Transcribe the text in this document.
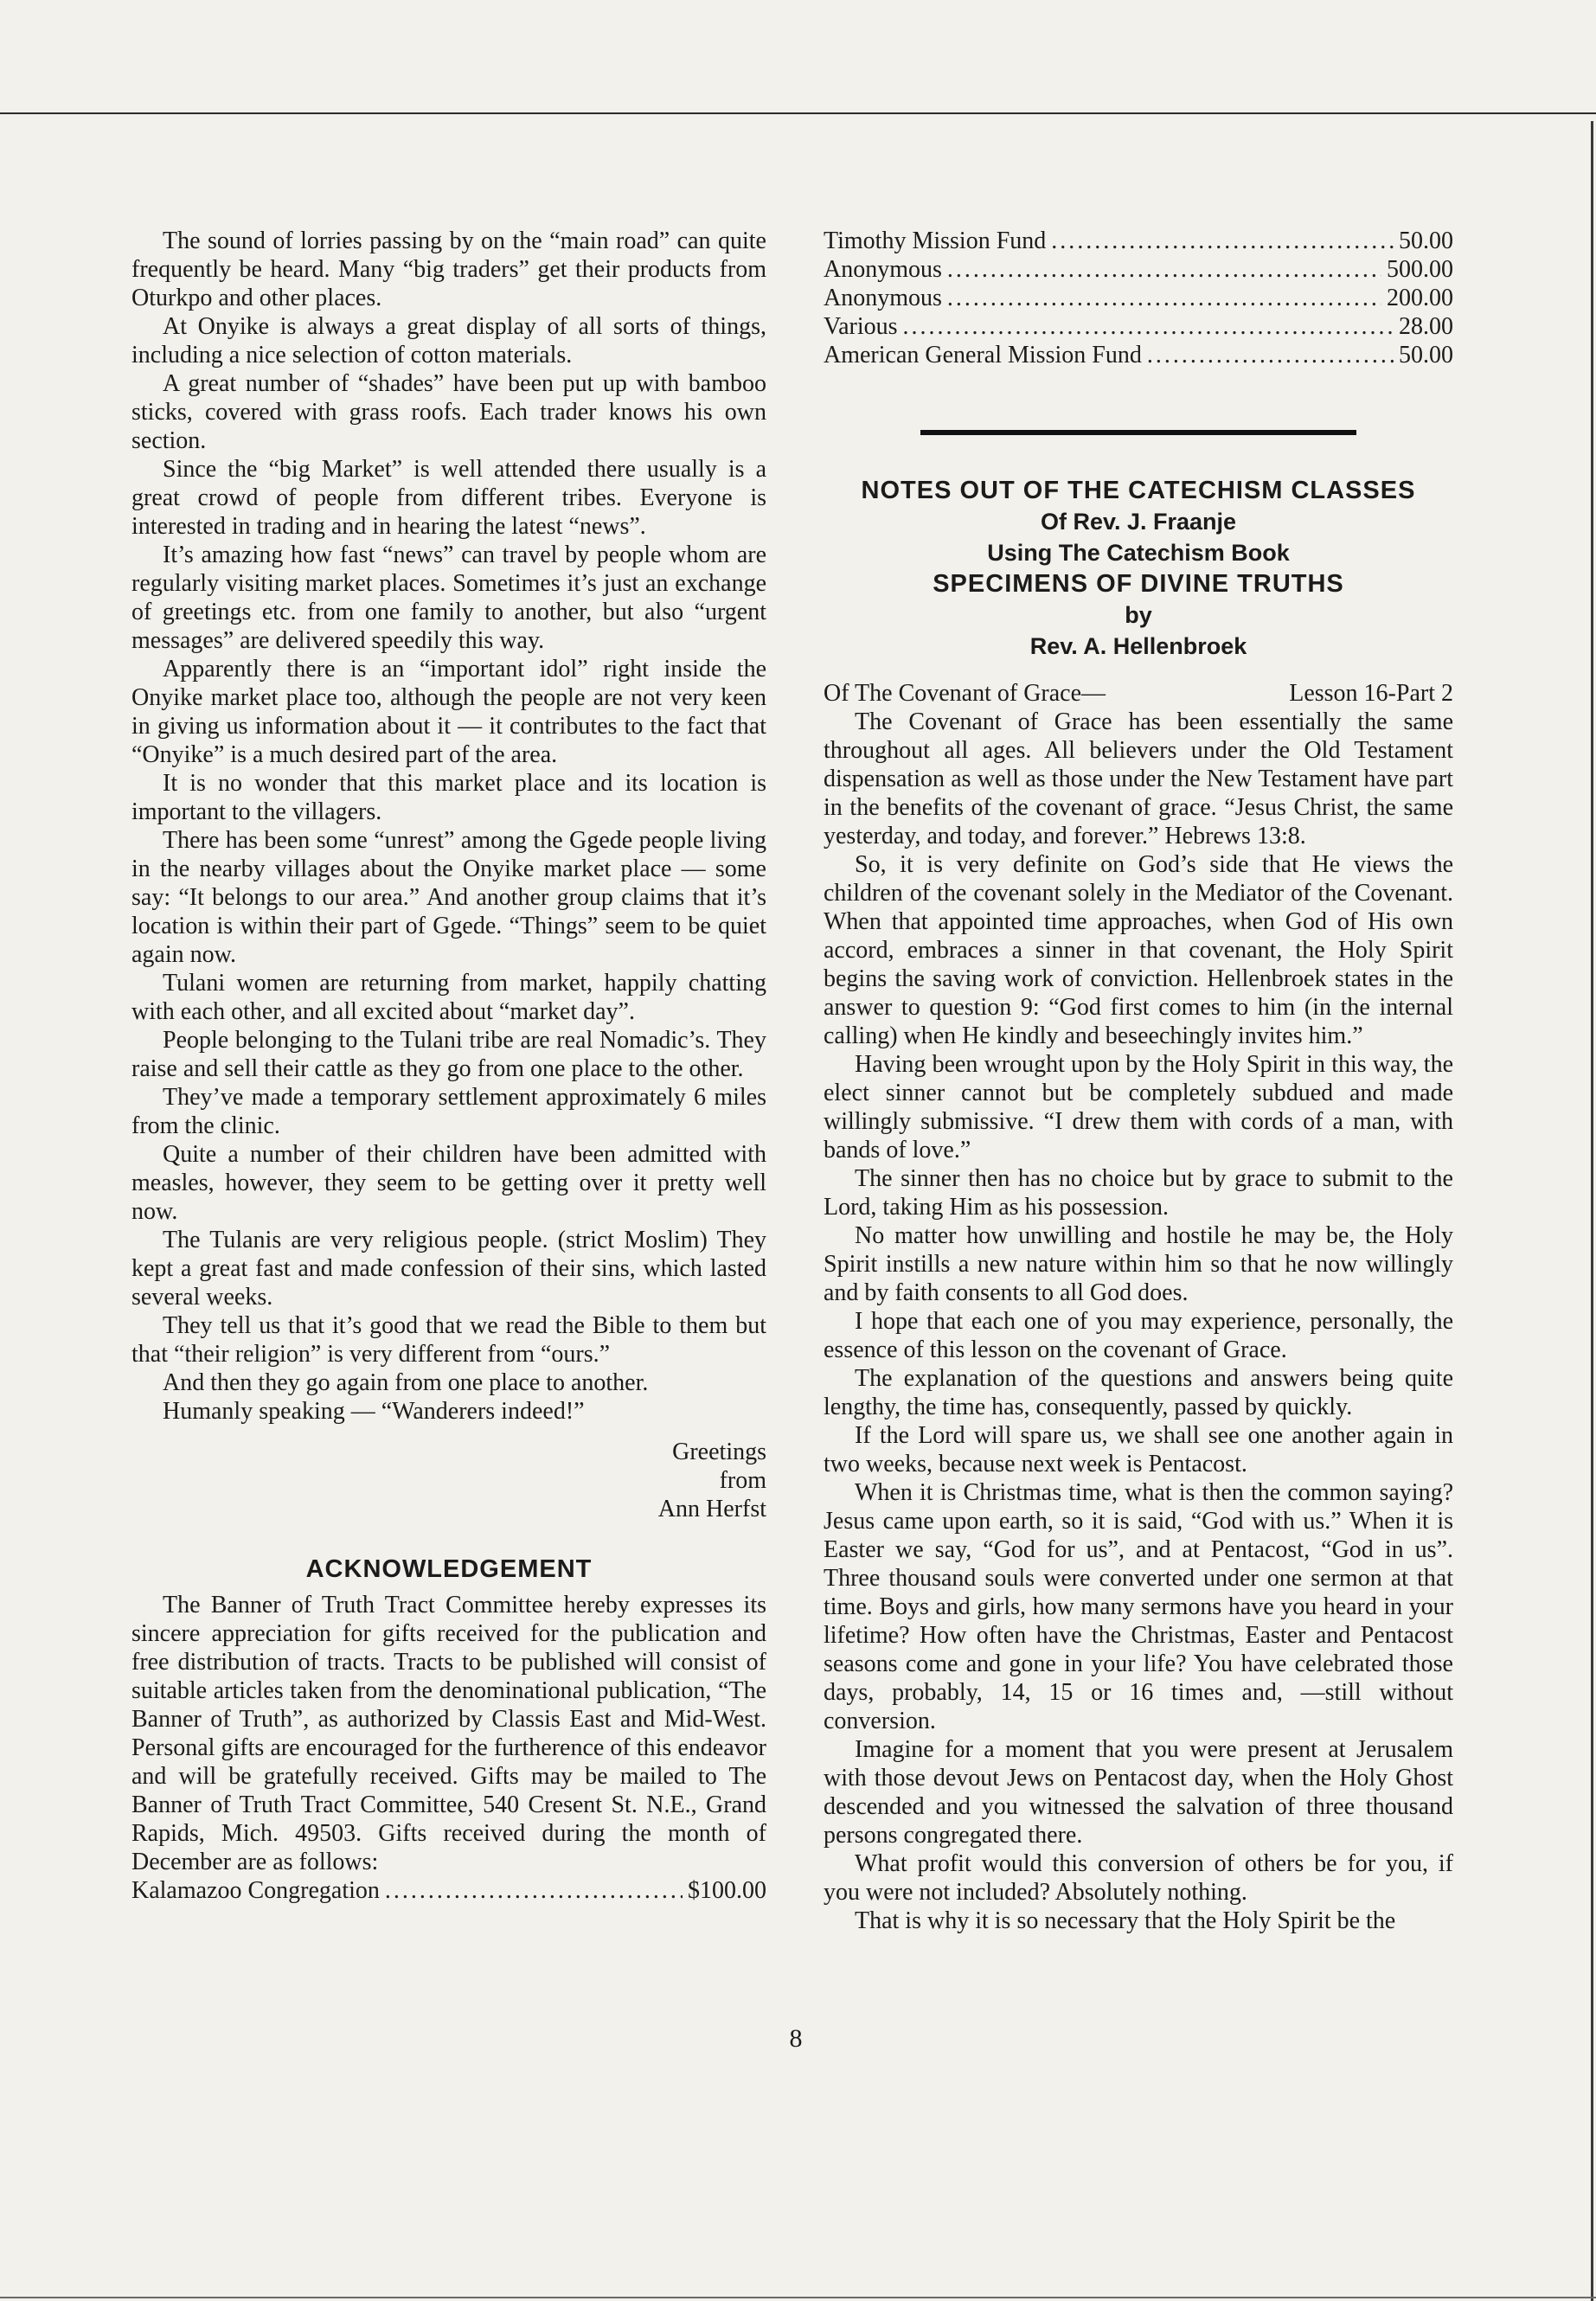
The sound of lorries passing by on the “main road” can quite frequently be heard. Many “big traders” get their products from Oturkpo and other places.

At Onyike is always a great display of all sorts of things, including a nice selection of cotton materials.

A great number of “shades” have been put up with bamboo sticks, covered with grass roofs. Each trader knows his own section.

Since the “big Market” is well attended there usually is a great crowd of people from different tribes. Everyone is interested in trading and in hearing the latest “news”.

It’s amazing how fast “news” can travel by people whom are regularly visiting market places. Sometimes it’s just an exchange of greetings etc. from one family to another, but also “urgent messages” are delivered speedily this way.

Apparently there is an “important idol” right inside the Onyike market place too, although the people are not very keen in giving us information about it — it contributes to the fact that “Onyike” is a much desired part of the area.

It is no wonder that this market place and its location is important to the villagers.

There has been some “unrest” among the Ggede people living in the nearby villages about the Onyike market place — some say: “It belongs to our area.” And another group claims that it’s location is within their part of Ggede. “Things” seem to be quiet again now.

Tulani women are returning from market, happily chatting with each other, and all excited about “market day”.

People belonging to the Tulani tribe are real Nomadic’s. They raise and sell their cattle as they go from one place to the other.

They’ve made a temporary settlement approximately 6 miles from the clinic.

Quite a number of their children have been admitted with measles, however, they seem to be getting over it pretty well now.

The Tulanis are very religious people. (strict Moslim) They kept a great fast and made confession of their sins, which lasted several weeks.

They tell us that it’s good that we read the Bible to them but that “their religion” is very different from “ours.”

And then they go again from one place to another.

Humanly speaking — “Wanderers indeed!”

Greetings
from
Ann Herfst
ACKNOWLEDGEMENT

The Banner of Truth Tract Committee hereby expresses its sincere appreciation for gifts received for the publication and free distribution of tracts. Tracts to be published will consist of suitable articles taken from the denominational publication, “The Banner of Truth”, as authorized by Classis East and Mid-West. Personal gifts are encouraged for the furtherence of this endeavor and will be gratefully received. Gifts may be mailed to The Banner of Truth Tract Committee, 540 Cresent St. N.E., Grand Rapids, Mich. 49503. Gifts received during the month of December are as follows:

Kalamazoo Congregation .....	$100.00
Timothy Mission Fund .....	50.00
Anonymous .....	500.00
Anonymous .....	200.00
Various .....	28.00
American General Mission Fund .....	50.00
NOTES OUT OF THE CATECHISM CLASSES
Of Rev. J. Fraanje
Using The Catechism Book
SPECIMENS OF DIVINE TRUTHS
by
Rev. A. Hellenbroek
Of The Covenant of Grace—	Lesson 16-Part 2

The Covenant of Grace has been essentially the same throughout all ages. All believers under the Old Testament dispensation as well as those under the New Testament have part in the benefits of the covenant of grace. “Jesus Christ, the same yesterday, and today, and forever.” Hebrews 13:8.

So, it is very definite on God’s side that He views the children of the covenant solely in the Mediator of the Covenant. When that appointed time approaches, when God of His own accord, embraces a sinner in that covenant, the Holy Spirit begins the saving work of conviction. Hellenbroek states in the answer to question 9: “God first comes to him (in the internal calling) when He kindly and beseechingly invites him.”

Having been wrought upon by the Holy Spirit in this way, the elect sinner cannot but be completely subdued and made willingly submissive. “I drew them with cords of a man, with bands of love.”

The sinner then has no choice but by grace to submit to the Lord, taking Him as his possession.

No matter how unwilling and hostile he may be, the Holy Spirit instills a new nature within him so that he now willingly and by faith consents to all God does.

I hope that each one of you may experience, personally, the essence of this lesson on the covenant of Grace.

The explanation of the questions and answers being quite lengthy, the time has, consequently, passed by quickly.

If the Lord will spare us, we shall see one another again in two weeks, because next week is Pentacost.

When it is Christmas time, what is then the common saying? Jesus came upon earth, so it is said, “God with us.” When it is Easter we say, “God for us”, and at Pentacost, “God in us”. Three thousand souls were converted under one sermon at that time. Boys and girls, how many sermons have you heard in your lifetime? How often have the Christmas, Easter and Pentacost seasons come and gone in your life? You have celebrated those days, probably, 14, 15 or 16 times and, —still without conversion.

Imagine for a moment that you were present at Jerusalem with those devout Jews on Pentacost day, when the Holy Ghost descended and you witnessed the salvation of three thousand persons congregated there.

What profit would this conversion of others be for you, if you were not included? Absolutely nothing.

That is why it is so necessary that the Holy Spirit be the

8
